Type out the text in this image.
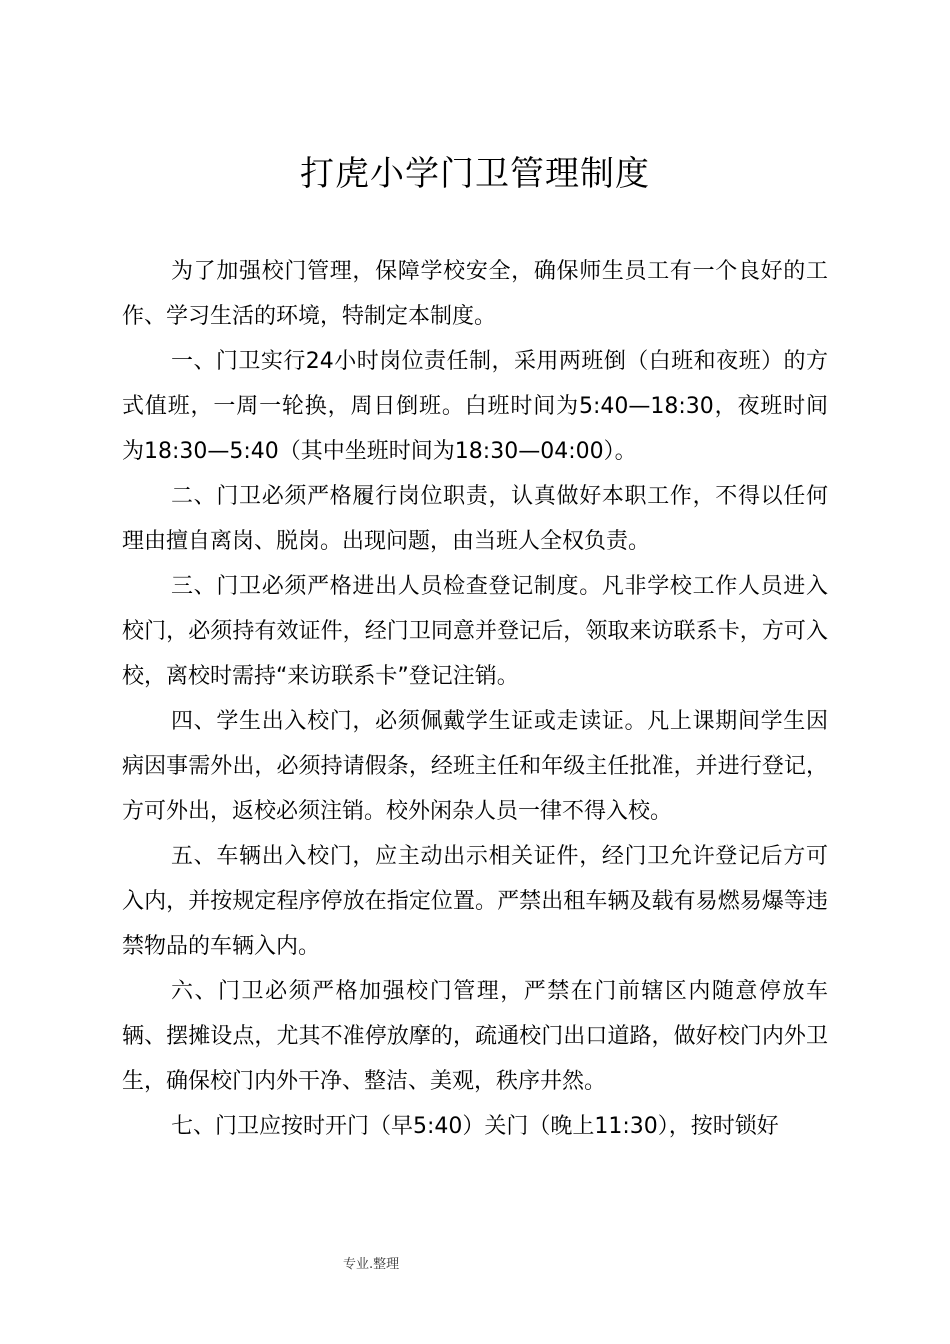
打虎小学门卫管理制度

为了加强校门管理，保障学校安全，确保师生员工有一个良好的工作、学习生活的环境，特制定本制度。

一、门卫实行24小时岗位责任制，采用两班倒（白班和夜班）的方式值班，一周一轮换，周日倒班。白班时间为5:40—18:30，夜班时间为18:30—5:40（其中坐班时间为18:30—04:00）。

二、门卫必须严格履行岗位职责，认真做好本职工作，不得以任何理由擅自离岗、脱岗。出现问题，由当班人全权负责。

三、门卫必须严格进出人员检查登记制度。凡非学校工作人员进入校门，必须持有效证件，经门卫同意并登记后，领取来访联系卡，方可入校，离校时需持“来访联系卡”登记注销。

四、学生出入校门，必须佩戴学生证或走读证。凡上课期间学生因病因事需外出，必须持请假条，经班主任和年级主任批准，并进行登记，方可外出，返校必须注销。校外闲杂人员一律不得入校。

五、车辆出入校门，应主动出示相关证件，经门卫允许登记后方可入内，并按规定程序停放在指定位置。严禁出租车辆及载有易燃易爆等违禁物品的车辆入内。

六、门卫必须严格加强校门管理，严禁在门前辖区内随意停放车辆、摆摊设点，尤其不准停放摩的，疏通校门出口道路，做好校门内外卫生，确保校门内外干净、整洁、美观，秩序井然。

七、门卫应按时开门（早5:40）关门（晚上11:30），按时锁好

专业.整理
